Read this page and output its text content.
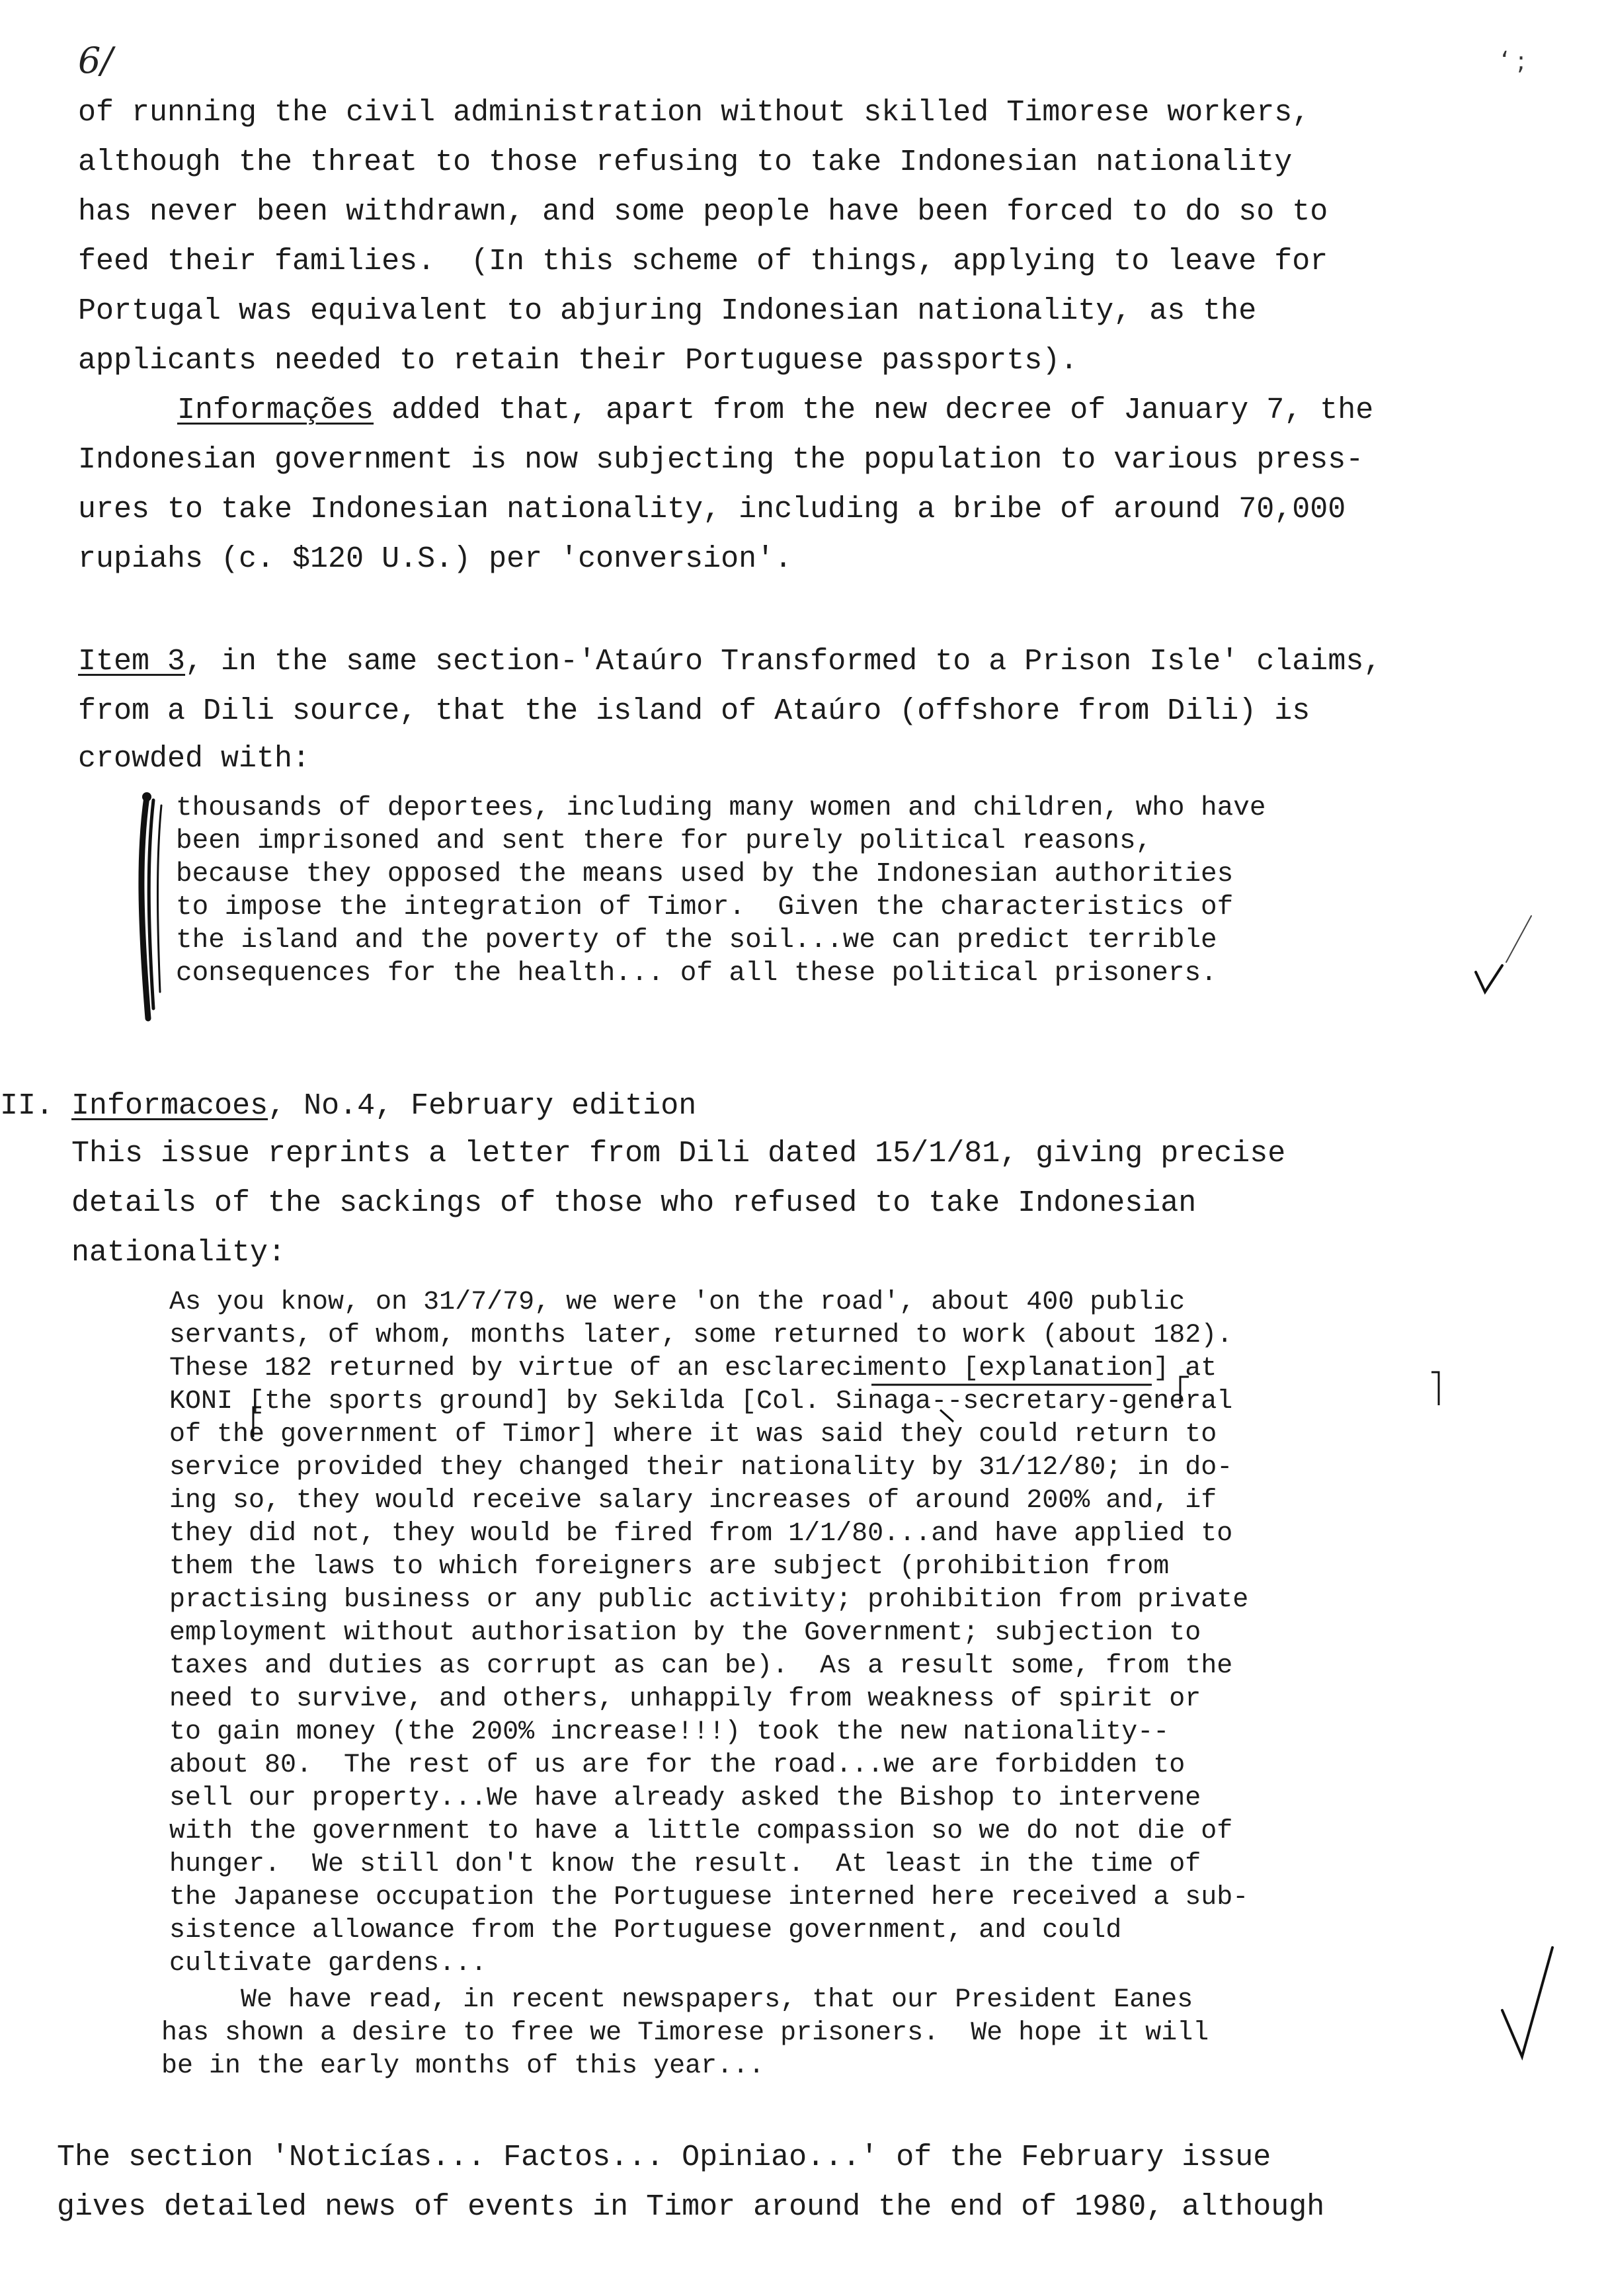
6/	‘ ;
of running the civil administration without skilled Timorese workers,
although the threat to those refusing to take Indonesian nationality
has never been withdrawn, and some people have been forced to do so to
feed their families.  (In this scheme of things, applying to leave for
Portugal was equivalent to abjuring Indonesian nationality, as the
applicants needed to retain their Portuguese passports).
Informações added that, apart from the new decree of January 7, the
Indonesian government is now subjecting the population to various press-
ures to take Indonesian nationality, including a bribe of around 70,000
rupiahs (c. $120 U.S.) per 'conversion'.
Item 3, in the same section-'Ataúro Transformed to a Prison Isle' claims,
from a Dili source, that the island of Ataúro (offshore from Dili) is
crowded with:
thousands of deportees, including many women and children, who have
been imprisoned and sent there for purely political reasons,
because they opposed the means used by the Indonesian authorities
to impose the integration of Timor.  Given the characteristics of
the island and the poverty of the soil...we can predict terrible
consequences for the health... of all these political prisoners.
II. Informacoes, No.4, February edition
This issue reprints a letter from Dili dated 15/1/81, giving precise
details of the sackings of those who refused to take Indonesian
nationality:
As you know, on 31/7/79, we were 'on the road', about 400 public
servants, of whom, months later, some returned to work (about 182).
These 182 returned by virtue of an esclarecimento [explanation] at
KONI [the sports ground] by Sekilda [Col. Sinaga--secretary-general
of the government of Timor] where it was said they could return to
service provided they changed their nationality by 31/12/80; in do-
ing so, they would receive salary increases of around 200% and, if
they did not, they would be fired from 1/1/80...and have applied to
them the laws to which foreigners are subject (prohibition from
practising business or any public activity; prohibition from private
employment without authorisation by the Government; subjection to
taxes and duties as corrupt as can be).  As a result some, from the
need to survive, and others, unhappily from weakness of spirit or
to gain money (the 200% increase!!!) took the new nationality--
about 80.  The rest of us are for the road...we are forbidden to
sell our property...We have already asked the Bishop to intervene
with the government to have a little compassion so we do not die of
hunger.  We still don't know the result.  At least in the time of
the Japanese occupation the Portuguese interned here received a sub-
sistence allowance from the Portuguese government, and could
cultivate gardens...
We have read, in recent newspapers, that our President Eanes
has shown a desire to free we Timorese prisoners.  We hope it will
be in the early months of this year...
The section 'Noticías... Factos... Opiniao...' of the February issue
gives detailed news of events in Timor around the end of 1980, although
